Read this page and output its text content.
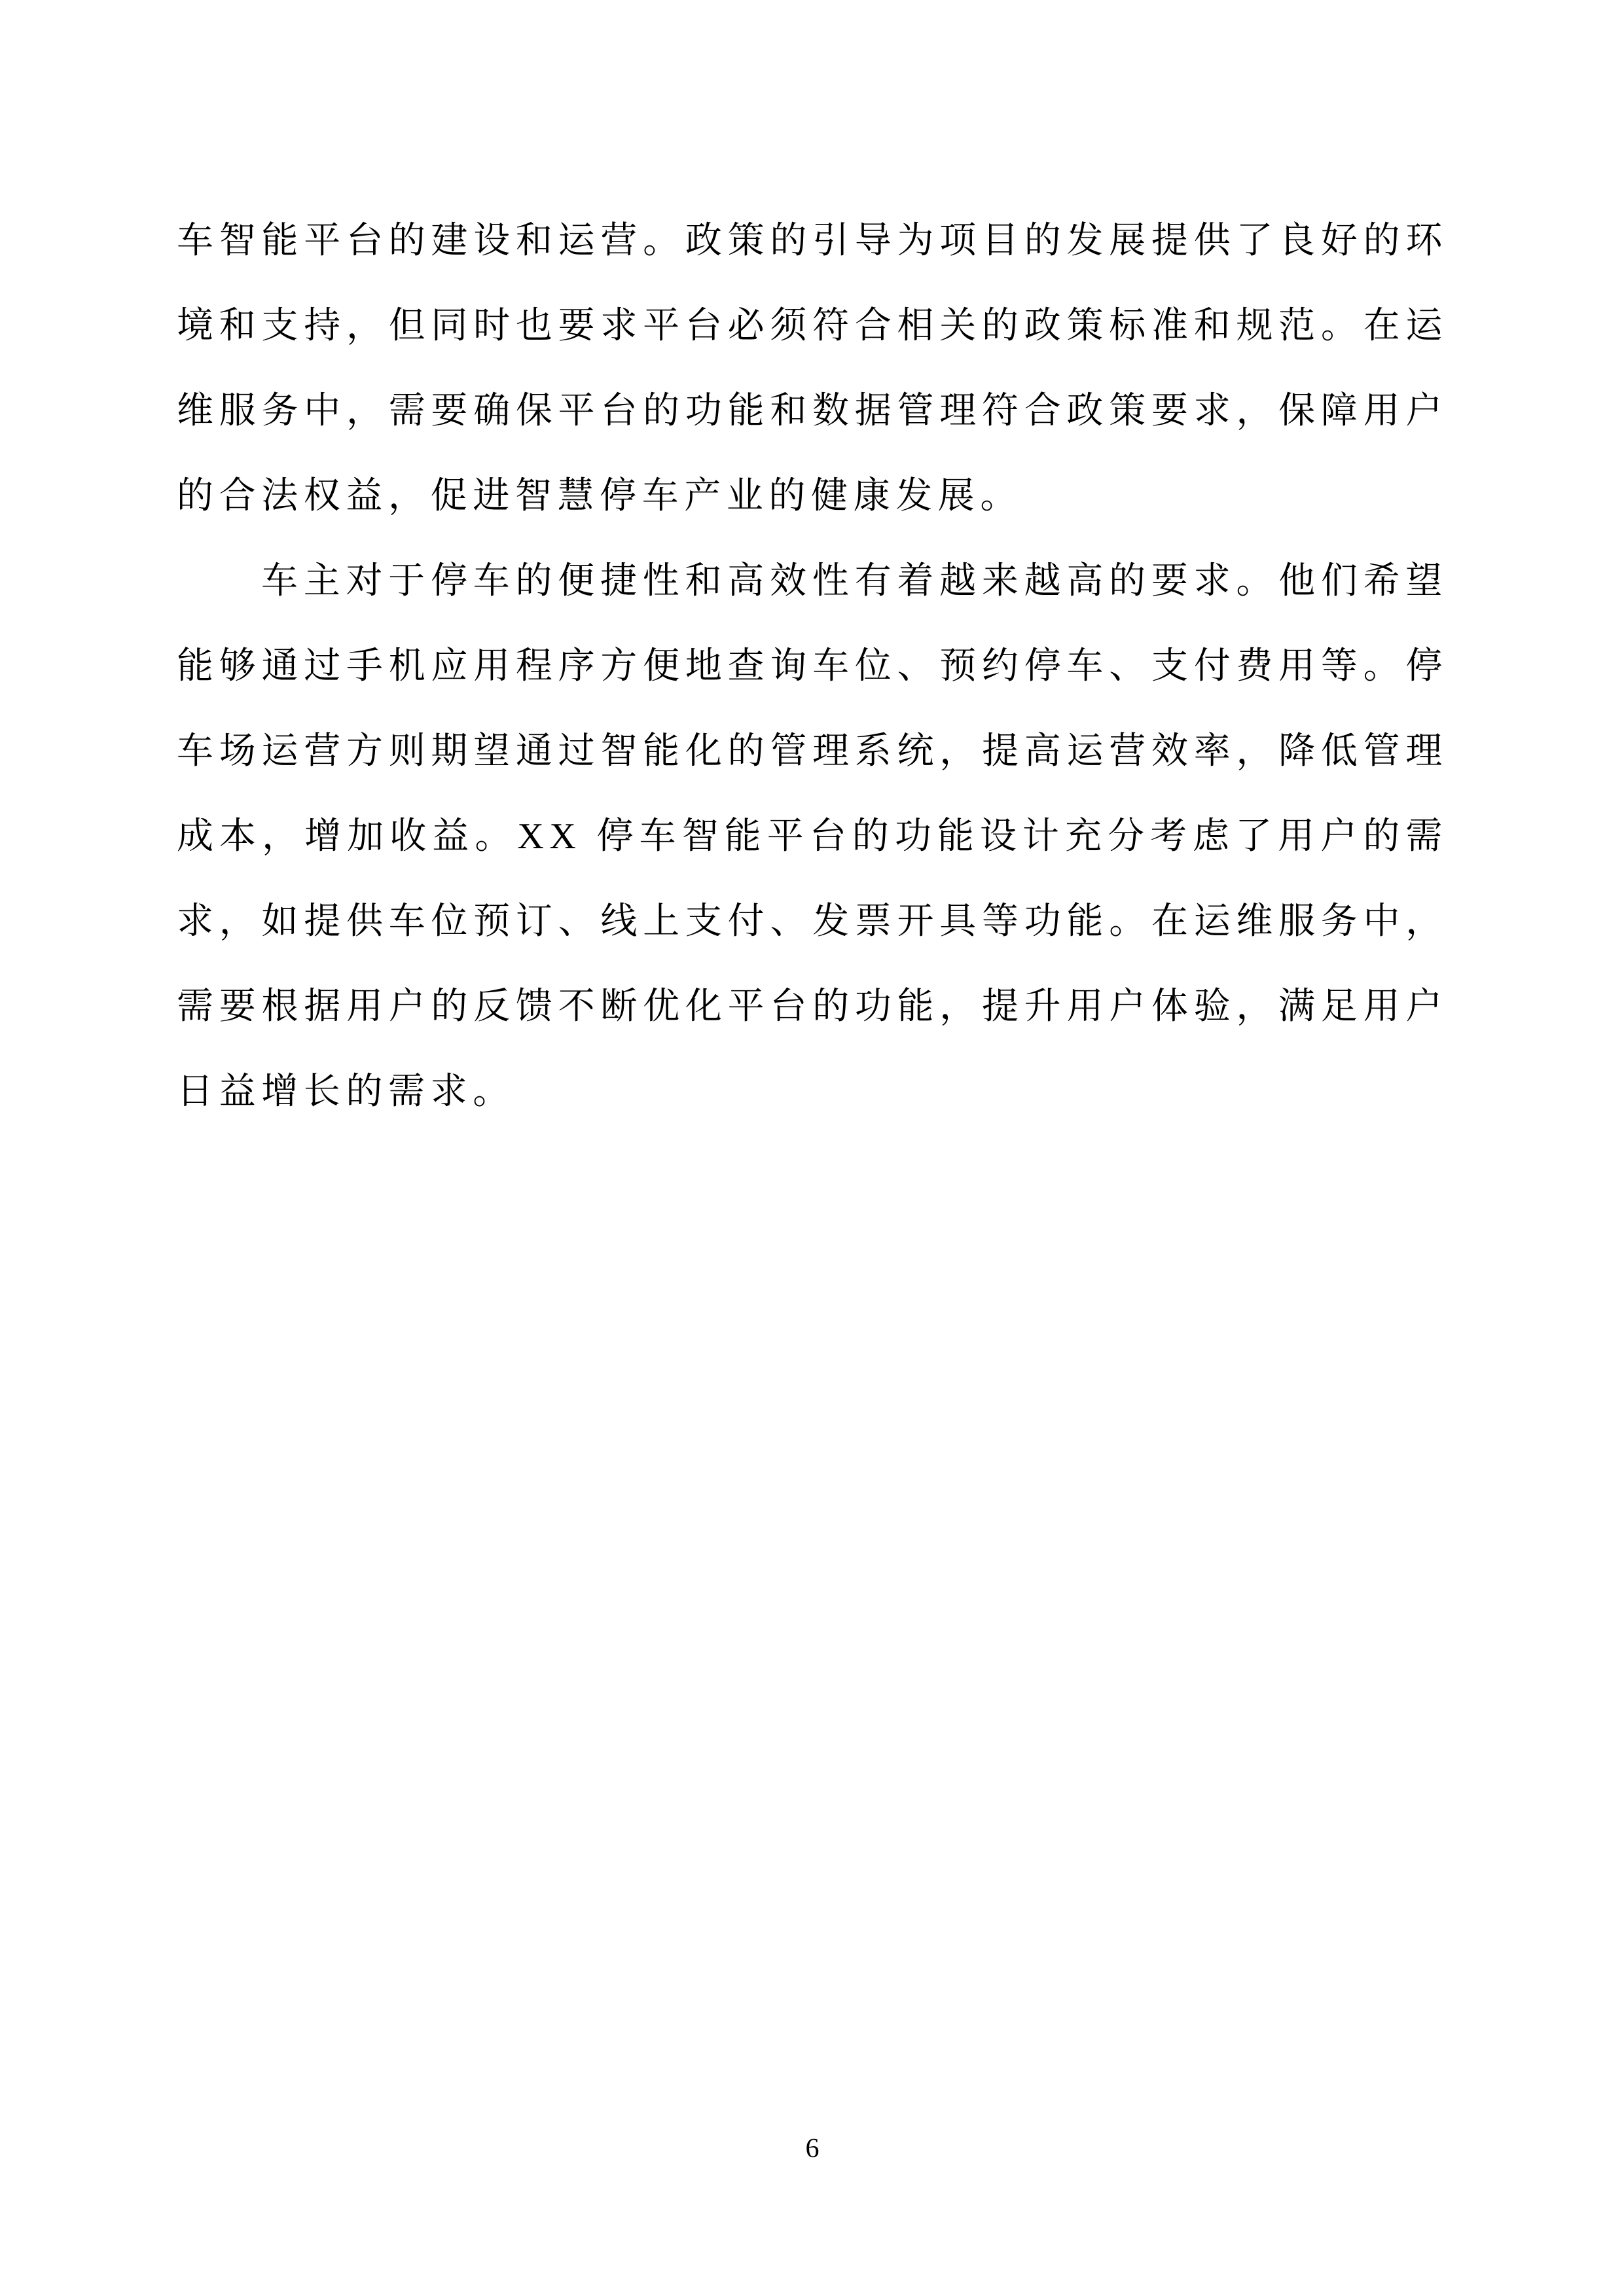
车智能平台的建设和运营。政策的引导为项目的发展提供了良好的环境和支持，但同时也要求平台必须符合相关的政策标准和规范。在运维服务中，需要确保平台的功能和数据管理符合政策要求，保障用户的合法权益，促进智慧停车产业的健康发展。

车主对于停车的便捷性和高效性有着越来越高的要求。他们希望能够通过手机应用程序方便地查询车位、预约停车、支付费用等。停车场运营方则期望通过智能化的管理系统，提高运营效率，降低管理成本，增加收益。XX 停车智能平台的功能设计充分考虑了用户的需求，如提供车位预订、线上支付、发票开具等功能。在运维服务中，需要根据用户的反馈不断优化平台的功能，提升用户体验，满足用户日益增长的需求。

6
